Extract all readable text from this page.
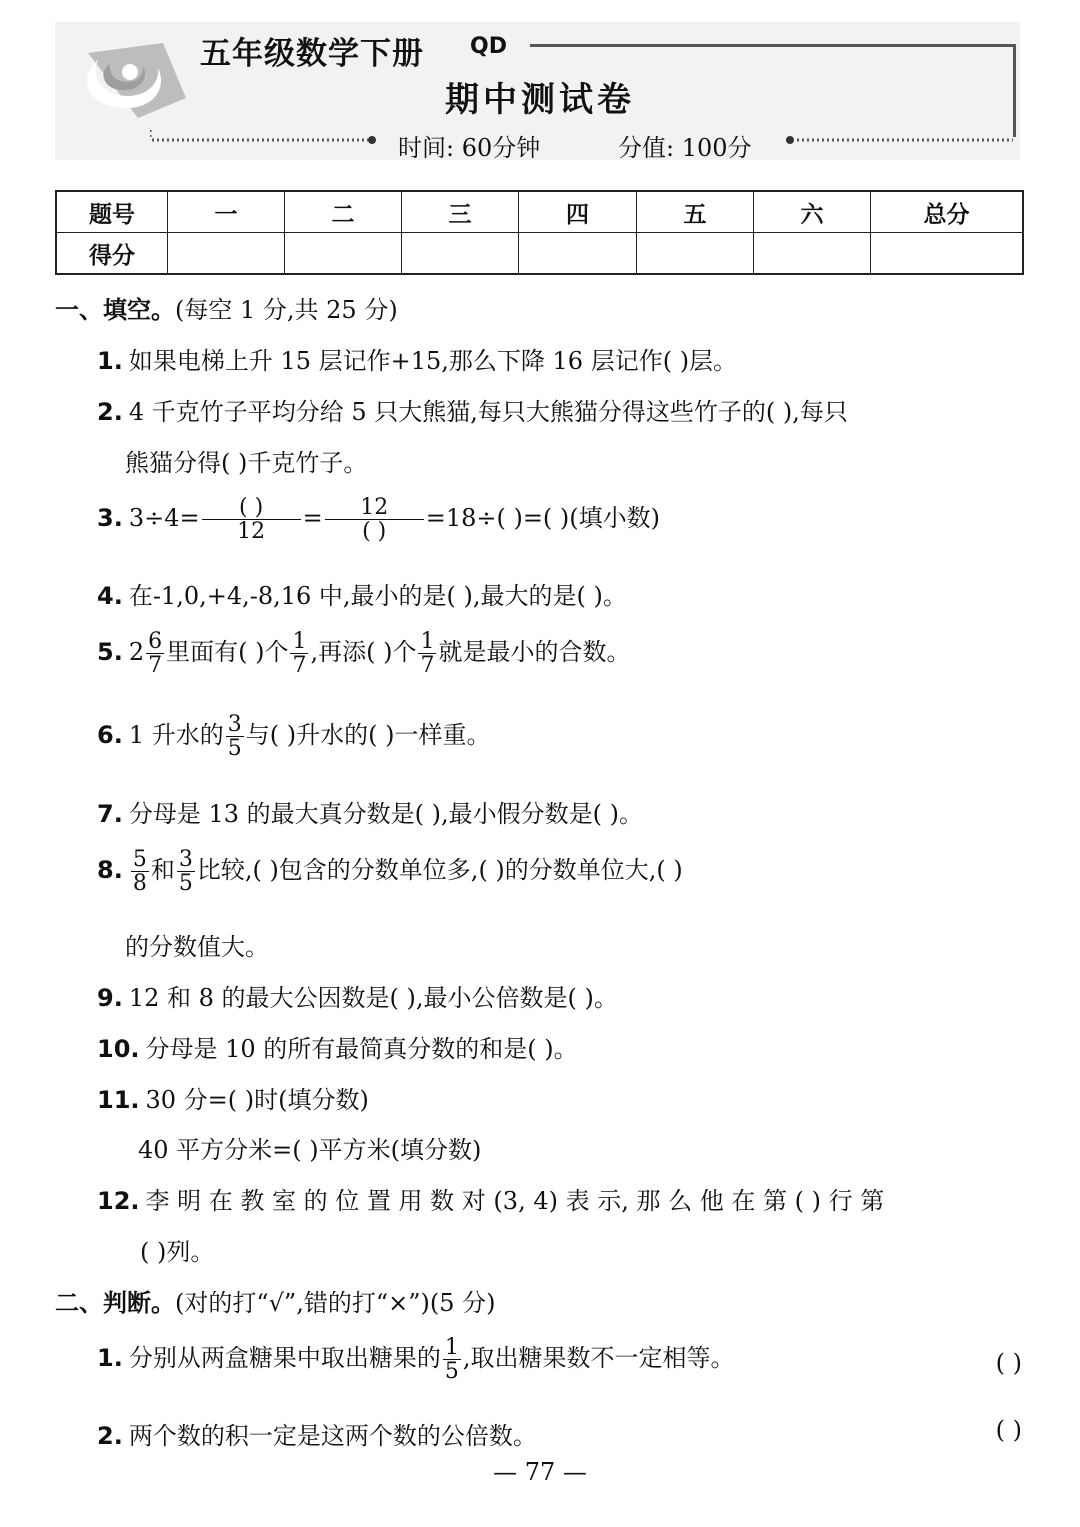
五年级数学下册 QD
期中测试卷
时间: 60分钟	分值: 100分
题号	一	二	三	四	五	六	总分
得分							
一、填空。(每空 1 分,共 25 分)
1. 如果电梯上升 15 层记作+15,那么下降 16 层记作( )层。
2. 4 千克竹子平均分给 5 只大熊猫,每只大熊猫分得这些竹子的( ),每只
熊猫分得( )千克竹子。
3. $3\div 4= \frac{( )}{12} = \frac{12}{( )} =18\div$( )=( )(填小数)
4. 在-1,0,+4,-8,16 中,最小的是( ),最大的是( )。
5. $2 \frac{6}{7}$ 里面有( )个 $\frac{1}{7}$ ,再添( )个 $\frac{1}{7}$ 就是最小的合数。
6. 1 升水的 $\frac{3}{5}$ 与( )升水的( )一样重。
7. 分母是 13 的最大真分数是( ),最小假分数是( )。
8. $\frac{5}{8}$ 和 $\frac{3}{5}$ 比较,( )包含的分数单位多,( )的分数单位大,( )
的分数值大。
9. 12 和 8 的最大公因数是( ),最小公倍数是( )。
10. 分母是 10 的所有最简真分数的和是( )。
11. 30 分=( )时(填分数)
40 平方分米=( )平方米(填分数)
12. 李 明 在 教 室 的 位 置 用 数 对 (3, 4) 表 示, 那 么 他 在 第 ( ) 行 第
( )列。
二、判断。(对的打“√”,错的打“×”)(5 分)
1. 分别从两盒糖果中取出糖果的 $\frac{1}{5}$ ,取出糖果数不一定相等。	( )
2. 两个数的积一定是这两个数的公倍数。	( )
— 77 —
